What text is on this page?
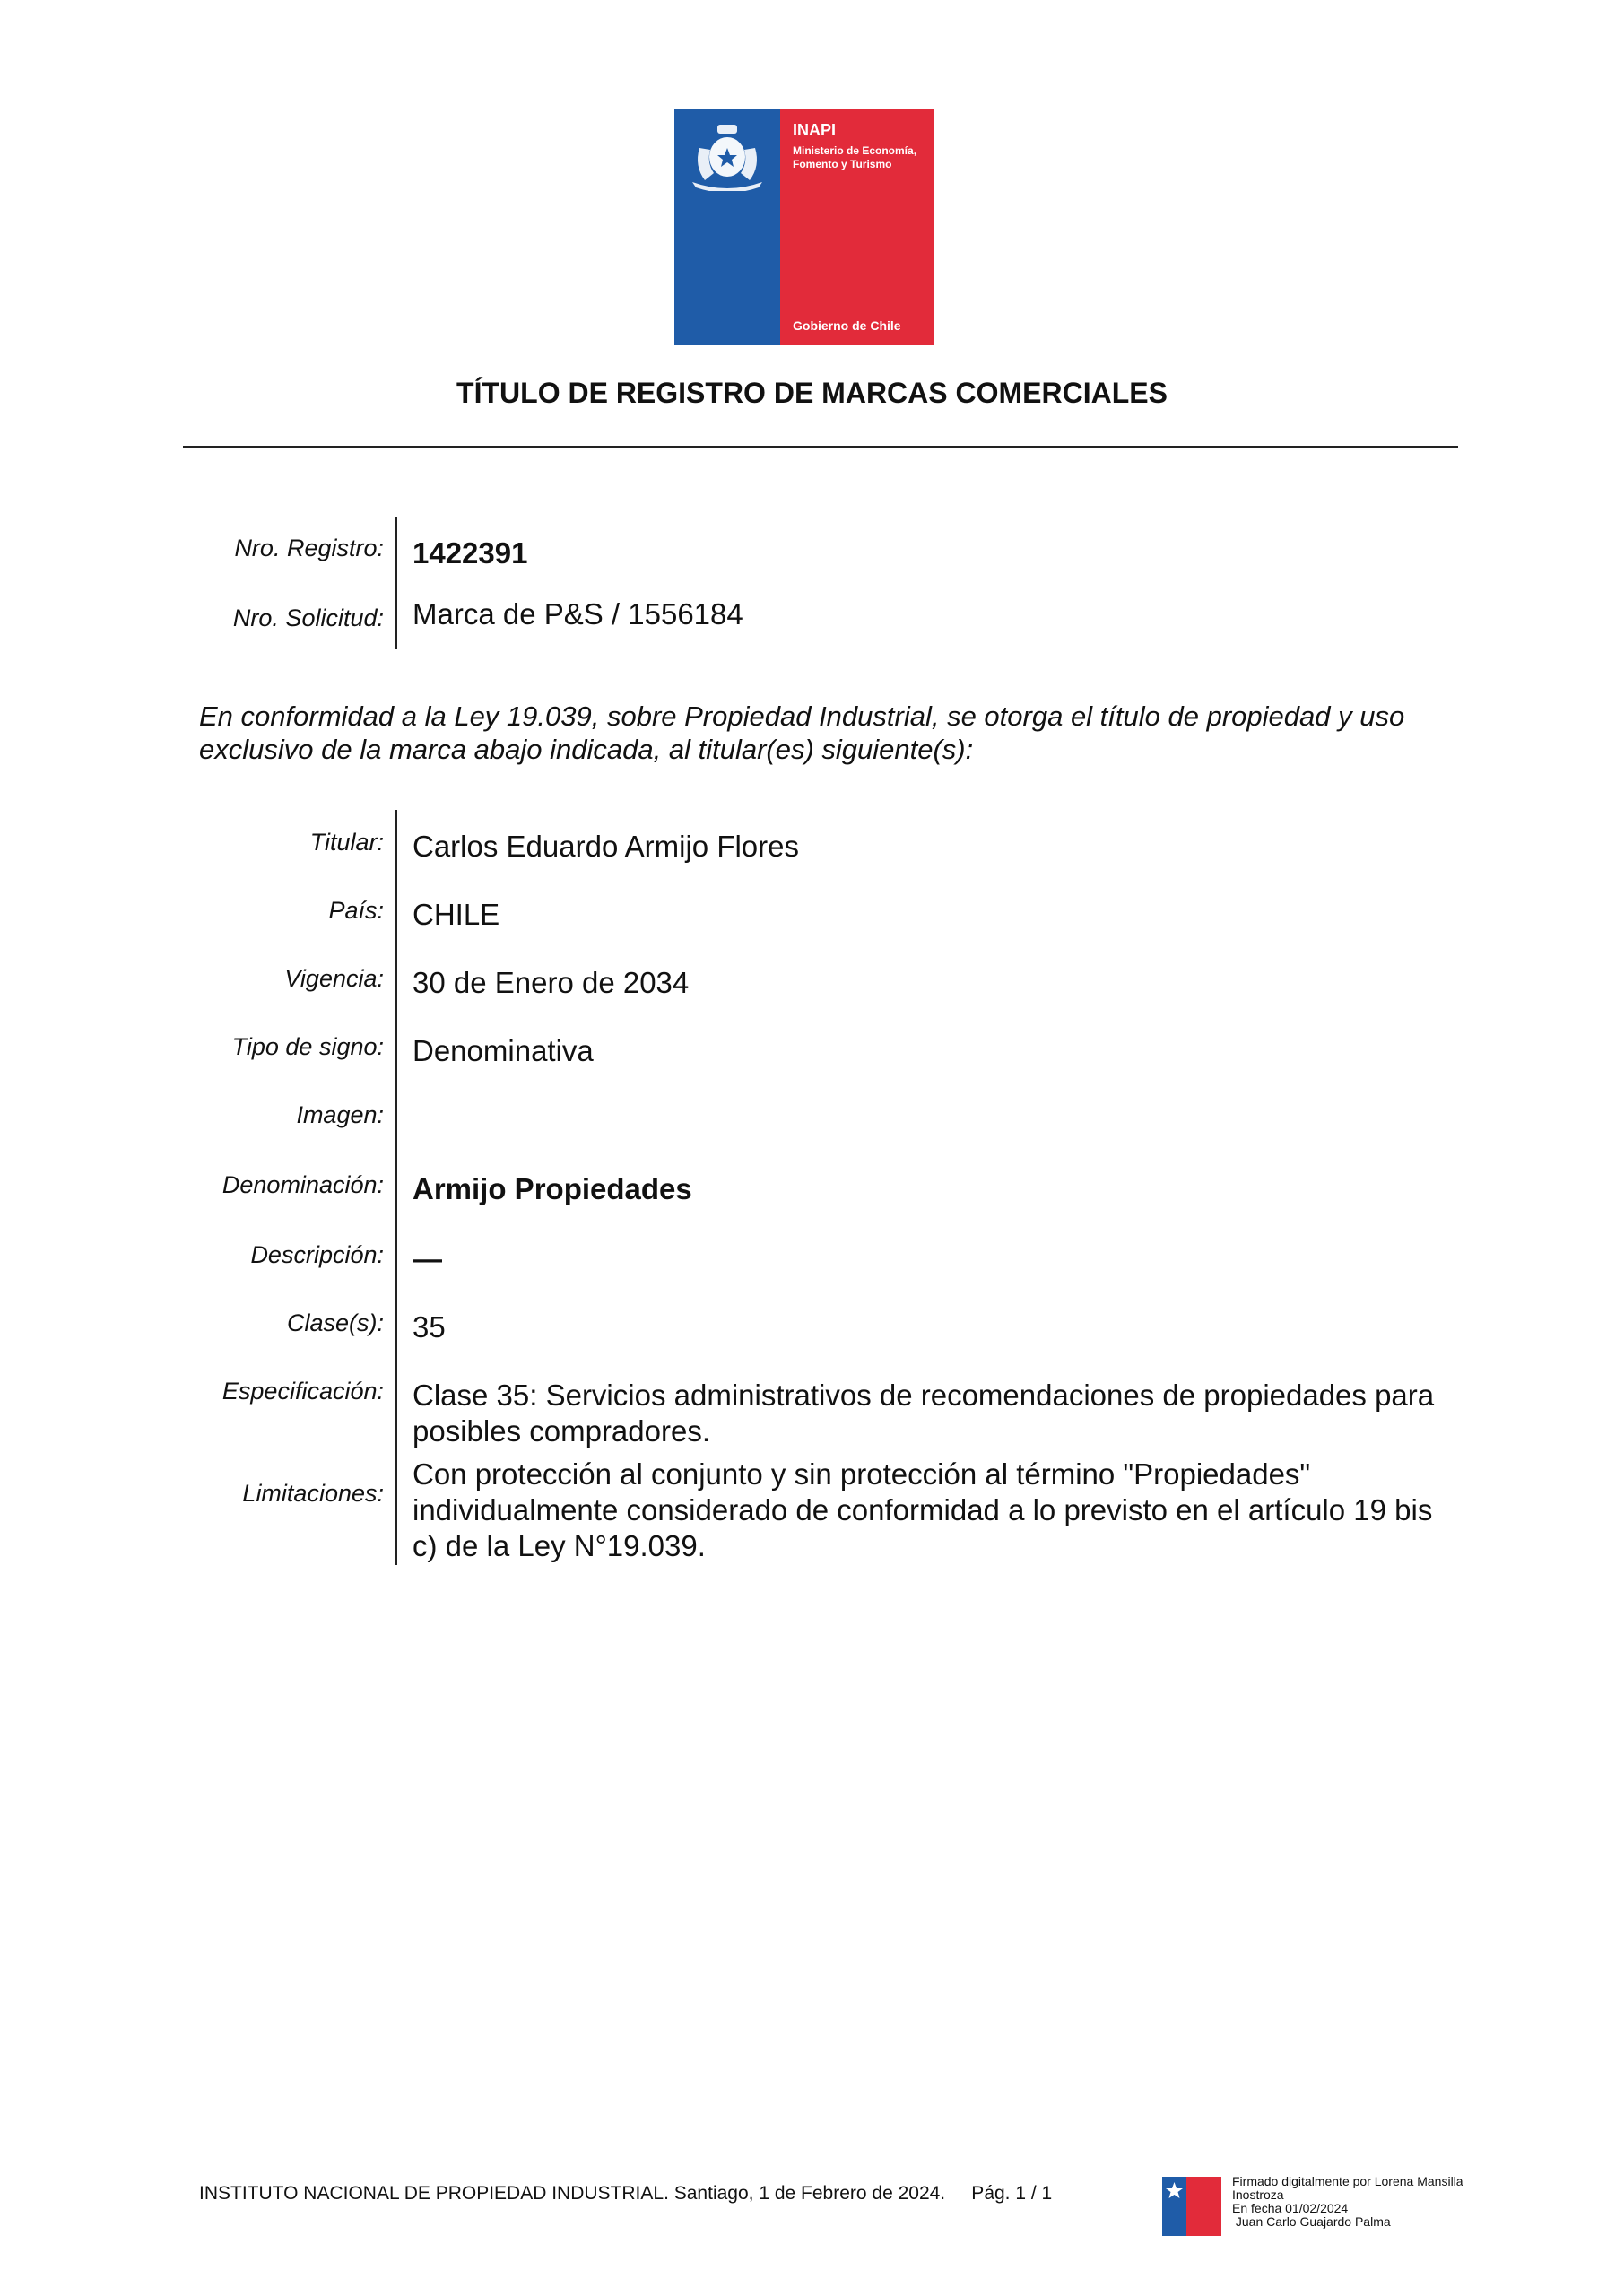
INAPI
Ministerio de Economía, Fomento y Turismo
Gobierno de Chile
TÍTULO DE REGISTRO DE MARCAS COMERCIALES
Nro. Registro: 1422391
Nro. Solicitud: Marca de P&S / 1556184
En conformidad a la Ley 19.039, sobre Propiedad Industrial, se otorga el título de propiedad y uso exclusivo de la marca abajo indicada, al titular(es) siguiente(s):
Titular: Carlos Eduardo Armijo Flores
País: CHILE
Vigencia: 30 de Enero de 2034
Tipo de signo: Denominativa
Imagen:
Denominación: Armijo Propiedades
Descripción: —
Clase(s): 35
Especificación: Clase 35: Servicios administrativos de recomendaciones de propiedades para posibles compradores.
Limitaciones:
Con protección al conjunto y sin protección al término "Propiedades" individualmente considerado de conformidad a lo previsto en el artículo 19 bis c) de la Ley N°19.039.
INSTITUTO NACIONAL DE PROPIEDAD INDUSTRIAL. Santiago, 1 de Febrero de 2024.     Pág. 1 / 1
Firmado digitalmente por Lorena Mansilla
Inostroza
En fecha 01/02/2024
Juan Carlo Guajardo Palma
